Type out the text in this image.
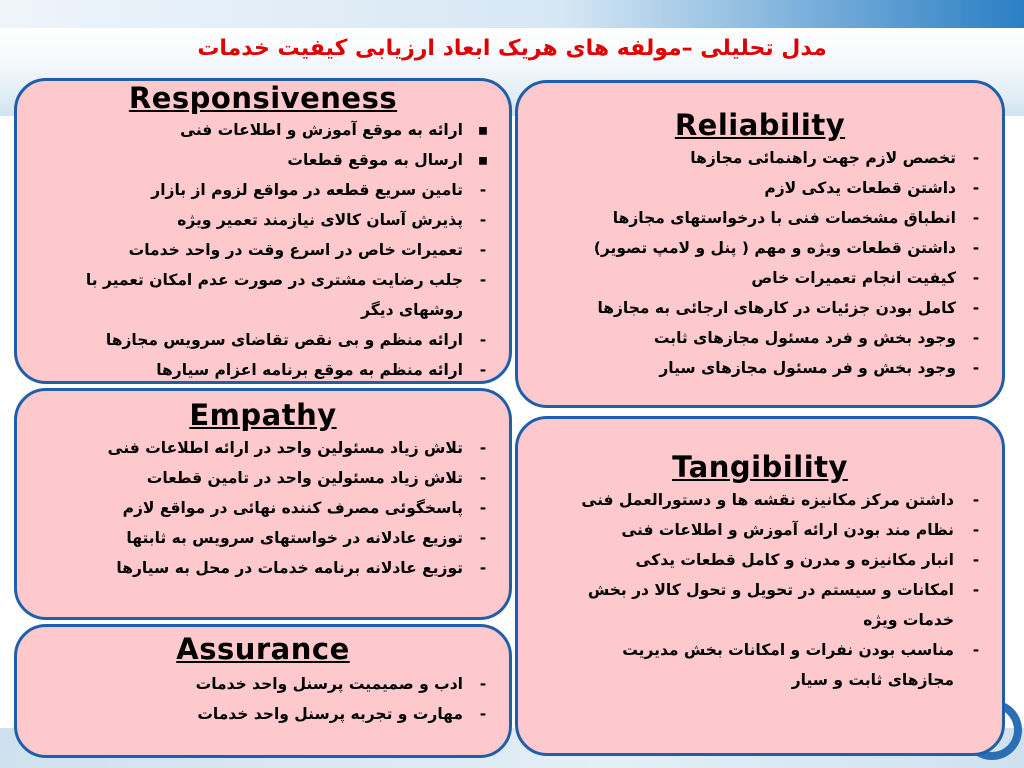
مدل تحلیلی –مولفه های هریک ابعاد ارزیابی کیفیت خدمات
Responsiveness
▪
ارائه به موقع آموزش و اطلاعات فنی
▪
ارسال به موقع قطعات
-
تامین سریع قطعه در مواقع لزوم از بازار
-
پذیرش آسان کالای نیازمند تعمیر ویژه
-
تعمیرات خاص در اسرع وقت در واحد خدمات
-
جلب رضایت مشتری در صورت عدم امکان تعمیر با روشهای دیگر
-
ارائه منظم و بی نقص تقاضای سرویس مجازها
-
ارائه منظم به موقع برنامه اعزام سیارها
Reliability
-
تخصص لازم جهت راهنمائی مجازها
-
داشتن قطعات یدکی لازم
-
انطباق مشخصات فنی با درخواستهای مجازها
-
داشتن قطعات ویژه و مهم ( پنل و لامپ تصویر)
-
کیفیت انجام تعمیرات خاص
-
کامل بودن جزئیات در کارهای ارجائی به مجازها
-
وجود بخش و فرد مسئول مجازهای ثابت
-
وجود بخش و فر مسئول مجازهای سیار
Empathy
-
تلاش زیاد مسئولین واحد در ارائه اطلاعات فنی
-
تلاش زیاد مسئولین واحد در تامین قطعات
-
پاسخگوئی مصرف کننده نهائی در مواقع لازم
-
توزیع عادلانه در خواستهای سرویس به ثابتها
-
توزیع عادلانه برنامه خدمات در محل به سیارها
Tangibility
-
داشتن مرکز مکانیزه نقشه ها و دستورالعمل فنی
-
نظام مند بودن ارائه آموزش و اطلاعات فنی
-
انبار مکانیزه و مدرن و کامل قطعات یدکی
-
امکانات و سیستم در تحویل و تحول کالا در بخش خدمات ویژه
-
مناسب بودن نفرات و امکانات بخش مدیریت مجازهای ثابت و سیار
Assurance
-
ادب و صمیمیت پرسنل واحد خدمات
-
مهارت و تجربه پرسنل واحد خدمات
